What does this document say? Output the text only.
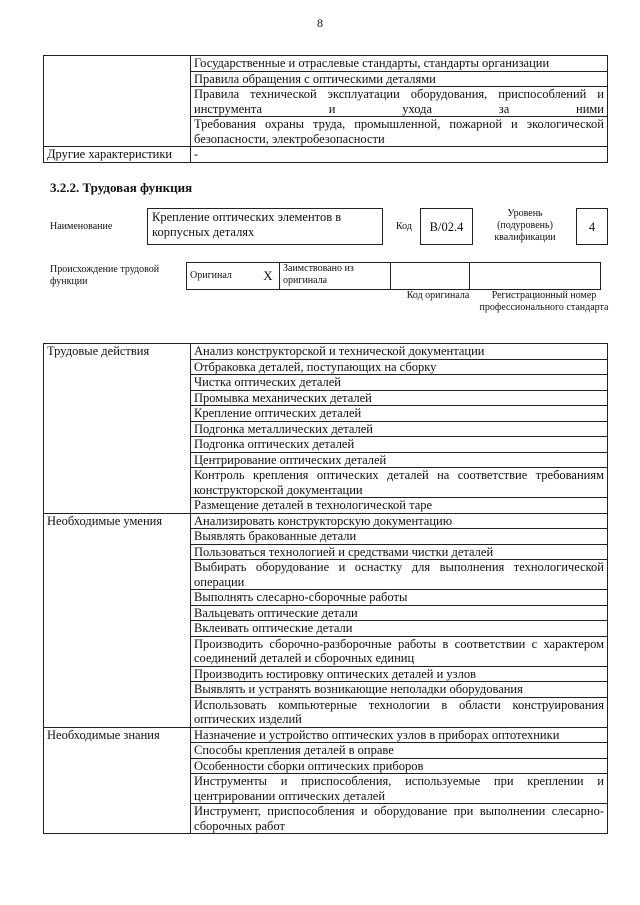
8
	Государственные и отраслевые стандарты, стандарты организации
	Правила обращения с оптическими деталями
	Правила технической эксплуатации оборудования, приспособлений и инструмента и ухода за ними
	Требования охраны труда, промышленной, пожарной и экологической безопасности, электробезопасности
Другие характеристики	-
3.2.2. Трудовая функция
Наименование
Крепление оптических элементов в корпусных деталях	Код	B/02.4
Уровень (подуровень) квалификации
4
Происхождение трудовой функции
Оригинал	X	Заимствовано из оригинала		
Код оригинала	Регистрационный номер профессионального стандарта
Трудовые действия	Анализ конструкторской и технической документации
	Отбраковка деталей, поступающих на сборку
	Чистка оптических деталей
	Промывка механических деталей
	Крепление оптических деталей
	Подгонка металлических деталей
	Подгонка оптических деталей
	Центрирование оптических деталей
	Контроль крепления оптических деталей на соответствие требованиям конструкторской документации
	Размещение деталей в технологической таре
Необходимые умения	Анализировать конструкторскую документацию
	Выявлять бракованные детали
	Пользоваться технологией и средствами чистки деталей
	Выбирать оборудование и оснастку для выполнения технологической операции
	Выполнять слесарно-сборочные работы
	Вальцевать оптические детали
	Вклеивать оптические детали
	Производить сборочно-разборочные работы в соответствии с характером соединений деталей и сборочных единиц
	Производить юстировку оптических деталей и узлов
	Выявлять и устранять возникающие неполадки оборудования
	Использовать компьютерные технологии в области конструирования оптических изделий
Необходимые знания	Назначение и устройство оптических узлов в приборах оптотехники
	Способы крепления деталей в оправе
	Особенности сборки оптических приборов
	Инструменты и приспособления, используемые при креплении и центрировании оптических деталей
	Инструмент, приспособления и оборудование при выполнении слесарно-сборочных работ
